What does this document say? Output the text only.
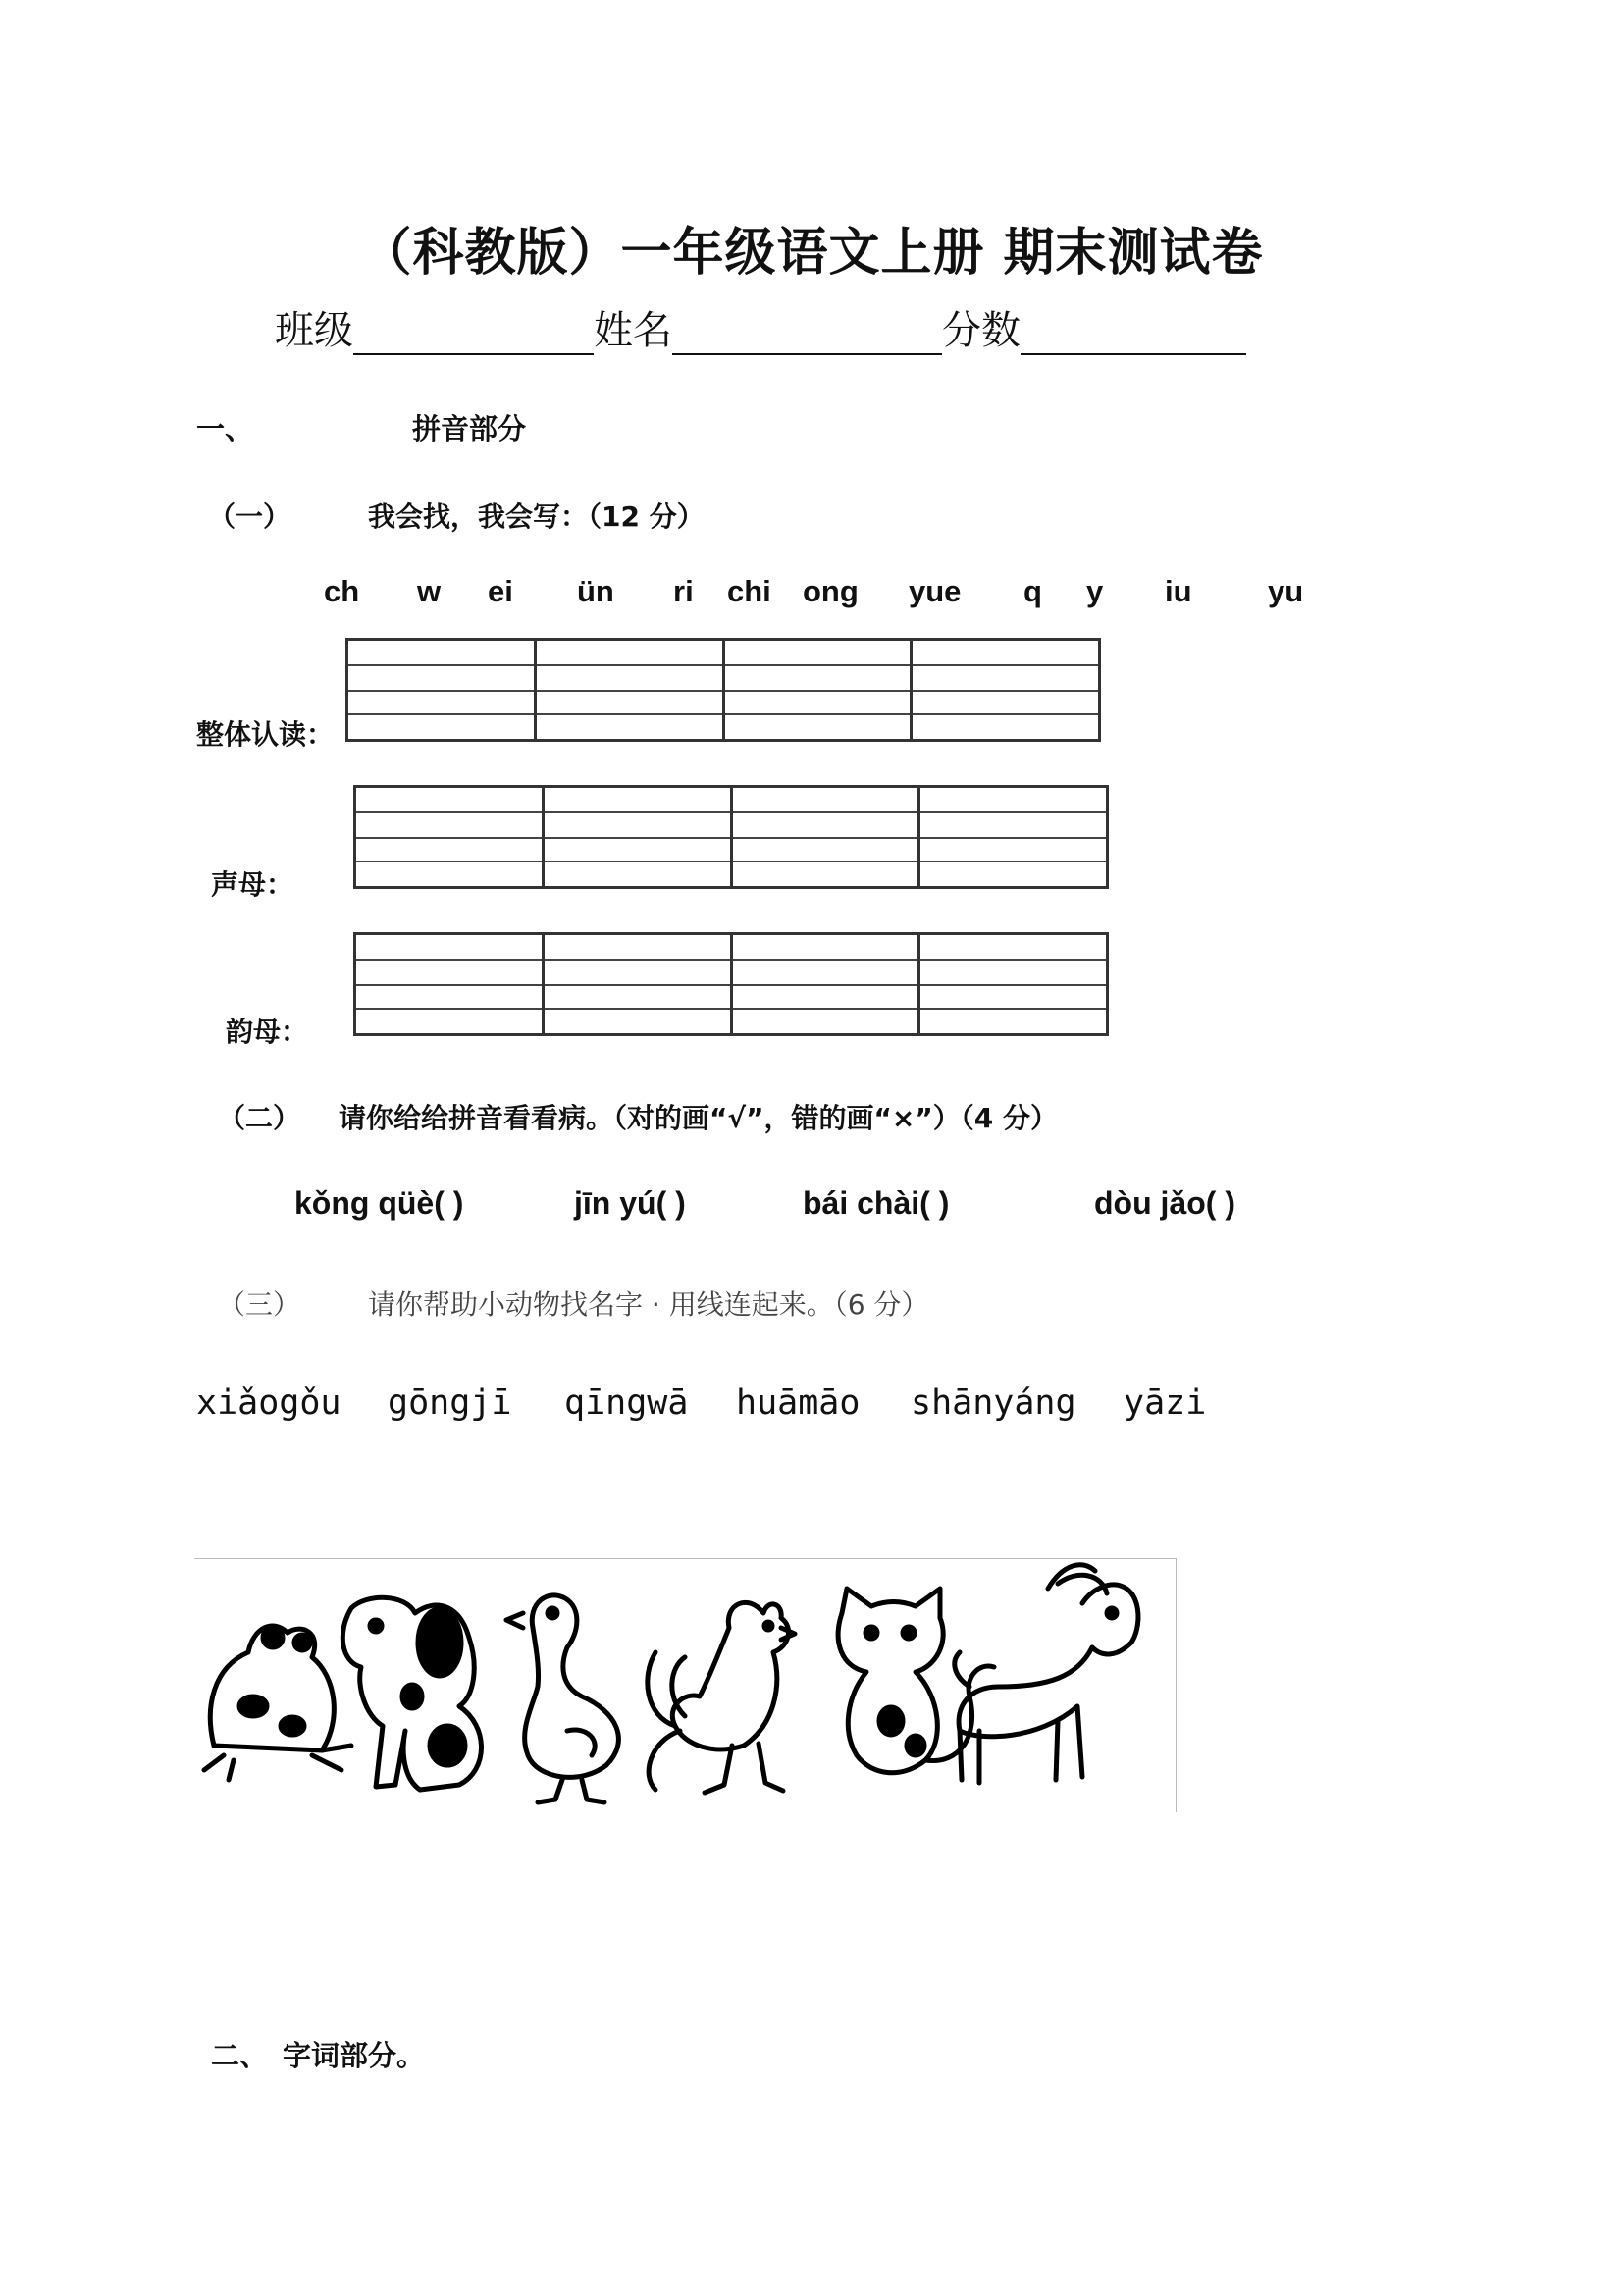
（科教版）一年级语文上册 期末测试卷
班级	姓名	分数
一、	拼音部分
（一）	我会找，我会写：（12 分）
ch w ei ün ri chi ong yue q y iu yu
整体认读：
声母：
韵母：
（二） 请你给给拼音看看病。（对的画“√”，错的画“×”）（4 分）
kǒng qüè( )	jīn yú( )	bái chài( )	dòu jǎo( )
（三） 请你帮助小动物找名字 · 用线连起来。（6 分）
xiǎogǒu gōngjī qīngwā huāmāo shānyáng yāzi
二、 字词部分。
